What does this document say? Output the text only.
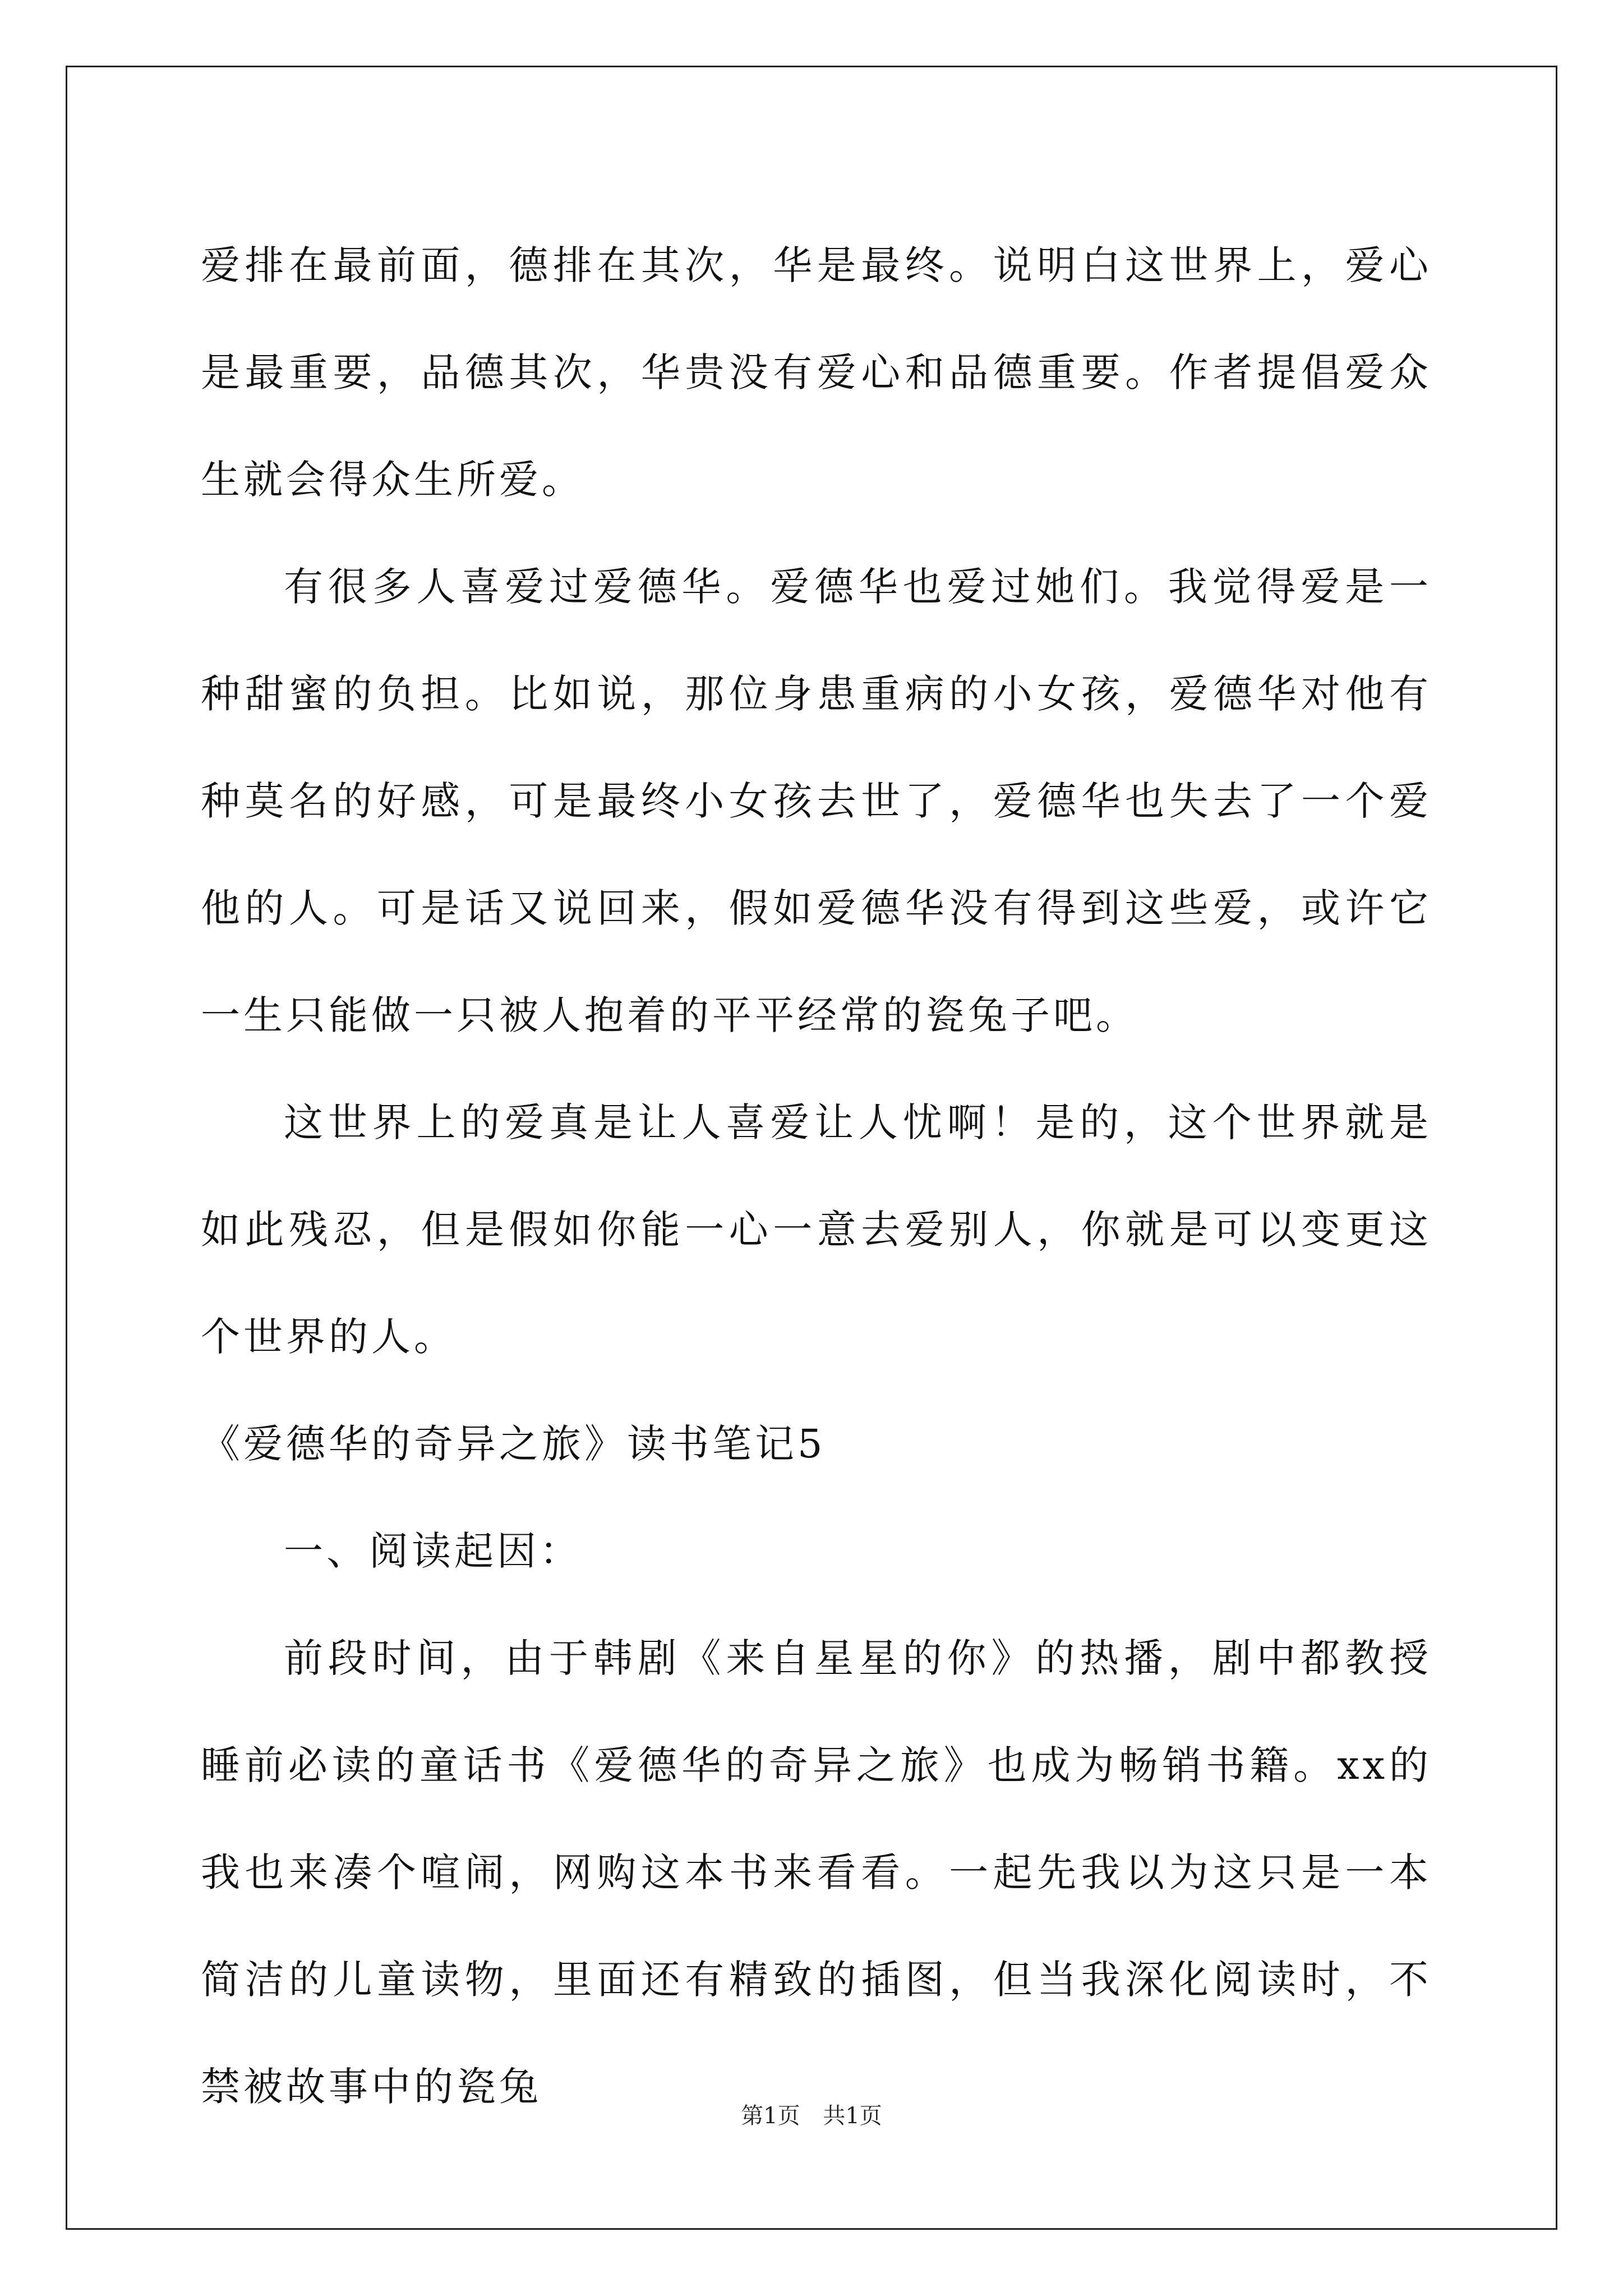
爱排在最前面，德排在其次，华是最终。说明白这世界上，爱心是最重要，品德其次，华贵没有爱心和品德重要。作者提倡爱众生就会得众生所爱。

有很多人喜爱过爱德华。爱德华也爱过她们。我觉得爱是一种甜蜜的负担。比如说，那位身患重病的小女孩，爱德华对他有种莫名的好感，可是最终小女孩去世了，爱德华也失去了一个爱他的人。可是话又说回来，假如爱德华没有得到这些爱，或许它一生只能做一只被人抱着的平平经常的瓷兔子吧。

这世界上的爱真是让人喜爱让人忧啊！是的，这个世界就是如此残忍，但是假如你能一心一意去爱别人，你就是可以变更这个世界的人。

《爱德华的奇异之旅》读书笔记5

一、阅读起因：

前段时间，由于韩剧《来自星星的你》的热播，剧中都教授睡前必读的童话书《爱德华的奇异之旅》也成为畅销书籍。xx的我也来凑个喧闹，网购这本书来看看。一起先我以为这只是一本简洁的儿童读物，里面还有精致的插图，但当我深化阅读时，不禁被故事中的瓷兔

第1页 共1页
